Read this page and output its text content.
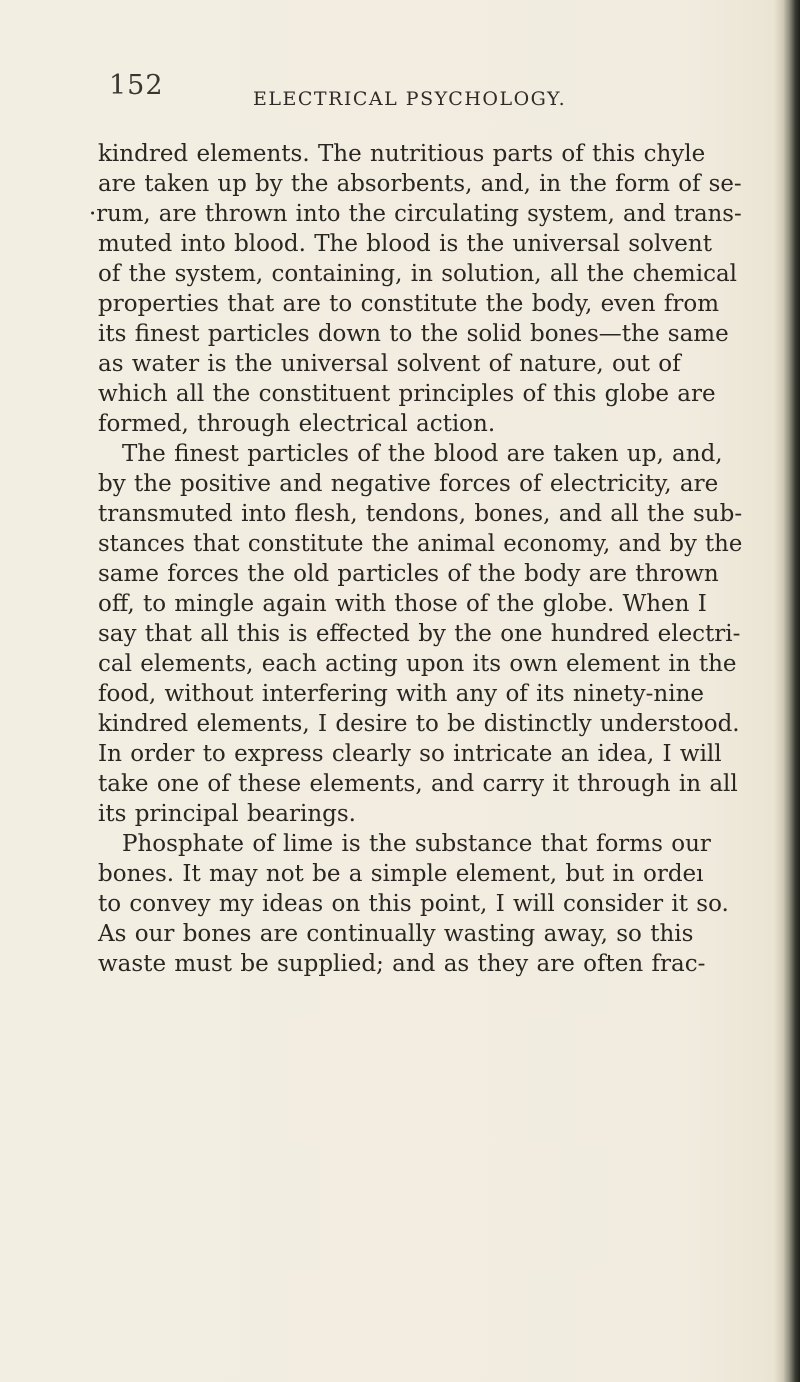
152	ELECTRICAL PSYCHOLOGY.
kindred elements. The nutritious parts of this chyle
are taken up by the absorbents, and, in the form of se-
·rum, are thrown into the circulating system, and trans-
muted into blood. The blood is the universal solvent
of the system, containing, in solution, all the chemical
properties that are to constitute the body, even from
its finest particles down to the solid bones—the same
as water is the universal solvent of nature, out of
which all the constituent principles of this globe are
formed, through electrical action.
The finest particles of the blood are taken up, and,
by the positive and negative forces of electricity, are
transmuted into flesh, tendons, bones, and all the sub-
stances that constitute the animal economy, and by the
same forces the old particles of the body are thrown
off, to mingle again with those of the globe. When I
say that all this is effected by the one hundred electri-
cal elements, each acting upon its own element in the
food, without interfering with any of its ninety-nine
kindred elements, I desire to be distinctly understood.
In order to express clearly so intricate an idea, I will
take one of these elements, and carry it through in all
its principal bearings.
Phosphate of lime is the substance that forms our
bones. It may not be a simple element, but in ordeı
to convey my ideas on this point, I will consider it so.
As our bones are continually wasting away, so this
waste must be supplied; and as they are often frac-
